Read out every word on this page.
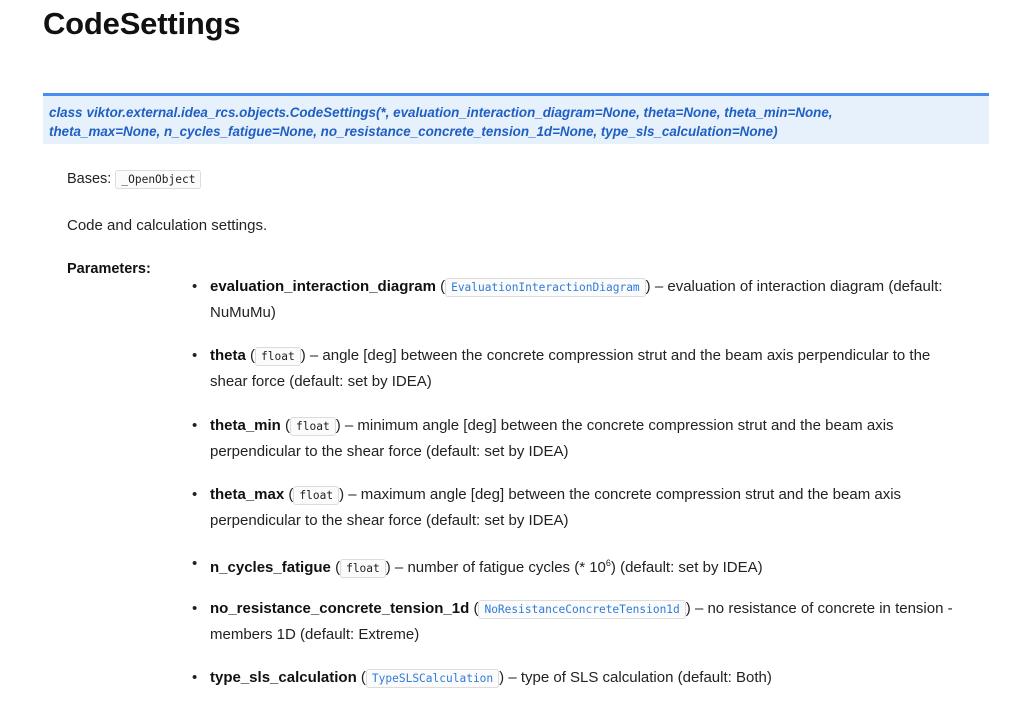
CodeSettings
class viktor.external.idea_rcs.objects.CodeSettings(*, evaluation_interaction_diagram=None, theta=None, theta_min=None,
theta_max=None, n_cycles_fatigue=None, no_resistance_concrete_tension_1d=None, type_sls_calculation=None)
Bases: _OpenObject
Code and calculation settings.
Parameters:
• evaluation_interaction_diagram ( EvaluationInteractionDiagram ) – evaluation of interaction diagram (default:
NuMuMu)
• theta ( float ) – angle [deg] between the concrete compression strut and the beam axis perpendicular to the
shear force (default: set by IDEA)
• theta_min ( float ) – minimum angle [deg] between the concrete compression strut and the beam axis
perpendicular to the shear force (default: set by IDEA)
• theta_max ( float ) – maximum angle [deg] between the concrete compression strut and the beam axis
perpendicular to the shear force (default: set by IDEA)
• n_cycles_fatigue ( float ) – number of fatigue cycles (* $10^6$) (default: set by IDEA)
• no_resistance_concrete_tension_1d ( NoResistanceConcreteTension1d ) – no resistance of concrete in tension -
members 1D (default: Extreme)
• type_sls_calculation ( TypeSLSCalculation ) – type of SLS calculation (default: Both)
